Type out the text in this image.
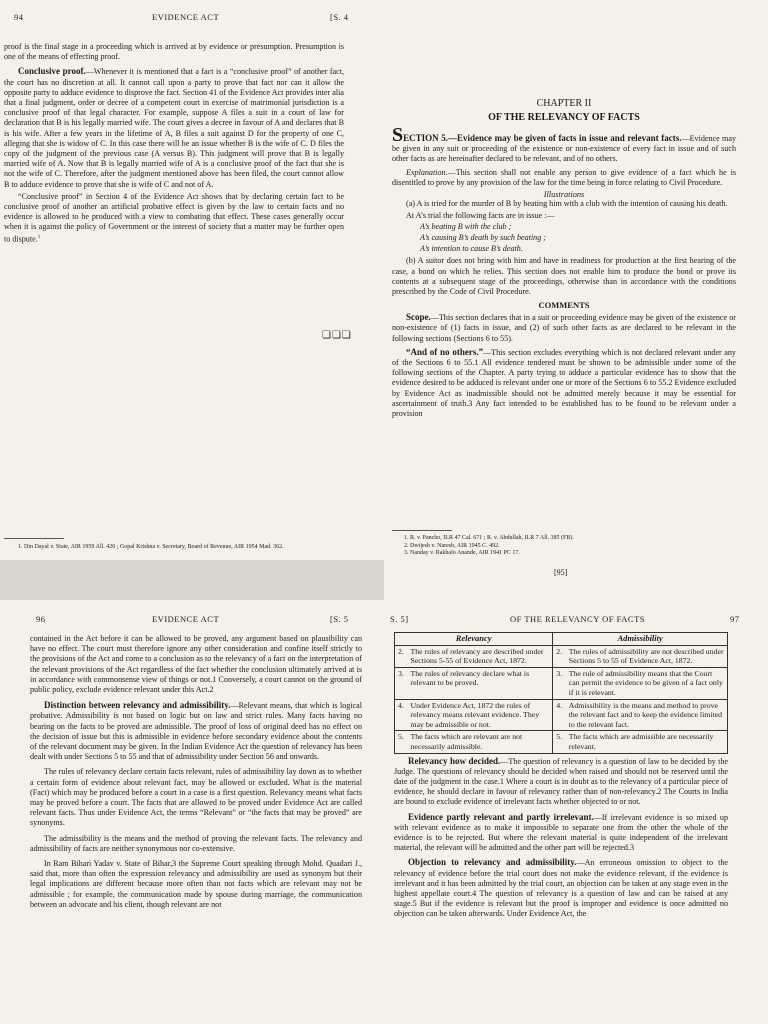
94	EVIDENCE ACT	[S. 4

proof is the final stage in a proceeding which is arrived at by evidence or presumption. Presumption is one of the means of effecting proof.

Conclusive proof.—Whenever it is mentioned that a fact is a “conclusive proof” of another fact, the court has no discretion at all. It cannot call upon a party to prove that fact nor can it allow the opposite party to adduce evidence to disprove the fact. Section 41 of the Evidence Act provides inter alia that a final judgment, order or decree of a competent court in exercise of matrimonial jurisdiction is a conclusive proof of that legal character. For example, suppose A files a suit in a court of law for declaration that B is his legally married wife. The court gives a decree in favour of A and declares that B is his wife. After a few years in the lifetime of A, B files a suit against D for the property of one C, alleging that she is widow of C. In this case there will be an issue whether B is the wife of C. D files the copy of the judgment of the previous case (A versus B). This judgment will prove that B is legally married wife of A. Now that B is legally married wife of A is a conclusive proof of the fact that she is not the wife of C. Therefore, after the judgment mentioned above has been filed, the court cannot allow B to adduce evidence to prove that she is wife of C and not of A.

“Conclusive proof” in Section 4 of the Evidence Act shows that by declaring certain fact to be conclusive proof of another an artificial probative effect is given by the law to certain facts and no evidence is allowed to be produced with a view to combating that effect. These cases generally occur when it is against the policy of Government or the interest of society that a matter may be further open to dispute.$^1$

❏❏❏

1. Din Dayal v. State, AIR 1959 All. 420 ; Gopal Krishna v. Secretary, Board of Revenue, AIR 1954 Mad. 362.

CHAPTER II
OF THE RELEVANCY OF FACTS

SECTION 5.—Evidence may be given of facts in issue and relevant facts.—Evidence may be given in any suit or proceeding of the existence or non-existence of every fact in issue and of such other facts as are hereinafter declared to be relevant, and of no others.

Explanation.—This section shall not enable any person to give evidence of a fact which he is disentitled to prove by any provision of the law for the time being in force relating to Civil Procedure.

Illustrations

(a) A is tried for the murder of B by beating him with a club with the intention of causing his death.

At A’s trial the following facts are in issue :—

A’s beating B with the club ;
A’s causing B’s death by such beating ;
A’s intention to cause B’s death.

(b) A suitor does not bring with him and have in readiness for production at the first hearing of the case, a bond on which he relies. This section does not enable him to produce the bond or prove its contents at a subsequent stage of the proceedings, otherwise than in accordance with the conditions prescribed by the Code of Civil Procedure.

COMMENTS

Scope.—This section declares that in a suit or proceeding evidence may be given of the existence or non-existence of (1) facts in issue, and (2) of such other facts as are declared to be relevant in the following sections (Sections 6 to 55).

“And of no others.”—This section excludes everything which is not declared relevant under any of the Sections 6 to 55.1 All evidence tendered must be shown to be admissible under some of the following sections of the Chapter. A party trying to adduce a particular evidence has to show that the evidence desired to be adduced is relevant under one or more of the Sections 6 to 55.2 Evidence excluded by Evidence Act as inadmissible should not be admitted merely because it may be essential for ascertainment of truth.3 Any fact intended to be established has to be found to be relevant under a provision

1. R. v. Pancho, ILR 47 Cal. 671 ; R. v. Abdullah, ILR 7 All. 385 (FB).

2. Dwijesh v. Naresh, AIR 1945 C. 492.

3. Nanday v. Rakhalo Anande, AIR 1941 PC 17.

[95]
96	EVIDENCE ACT	[S. 5

contained in the Act before it can be allowed to be proved, any argument based on plausibility can have no effect. The court must therefore ignore any other consideration and confine itself strictly to the provisions of the Act and come to a conclusion as to the relevancy of a fact on the interpretation of the relevant provisions of the Act regardless of the fact whether the conclusion ultimately arrived at is in accordance with commonsense view of things or not.1 Conversely, a court cannot on the ground of public policy, exclude evidence relevant under this Act.2

Distinction between relevancy and admissibility.—Relevant means, that which is logical probative. Admissibility is not based on logic but on law and strict rules. Many facts having no bearing on the facts to be proved are admissible. The proof of loss of original deed has no effect on the decision of issue but this is admissible in evidence before secondary evidence about the contents of the relevant document may be given. In the Indian Evidence Act the question of relevancy has been dealt with under Sections 5 to 55 and that of admissibility under Section 56 and onwards.

The rules of relevancy declare certain facts relevant, rules of admissibility lay down as to whether a certain form of evidence about relevant fact, may be allowed or excluded. What is the material (Fact) which may be produced before a court in a case is a first question. Relevancy means what facts may be proved before a court. The facts that are allowed to be proved under Evidence Act are called relevant facts. Thus under Evidence Act, the terms “Relevant” or “the facts that may be proved” are synonyms.

The admissibility is the means and the method of proving the relevant facts. The relevancy and admissibility of facts are neither synonymous nor co-extensive.

In Ram Bihari Yadav v. State of Bihar,3 the Supreme Court speaking through Mohd. Quadari J., said that, more than often the expression relevancy and admissibility are used as synonym but their legal implications are different because more often than not facts which are relevant may not be admissible ; for example, the communication made by spouse during marriage, the communication between an advocate and his client, though relevant are not

S. 5]	OF THE RELEVANCY OF FACTS	97
Relevancy		Admissibility	
2.	The rules of relevancy are described under Sections 5-55 of Evidence Act, 1872.	2.	The rules of admissibility are not described under Sections 5 to 55 of Evidence Act, 1872.
3.	The rules of relevancy declare what is relevant to be proved.	3.	The rule of admissibility means that the Court can permit the evidence to be given of a fact only if it is relevant.
4.	Under Evidence Act, 1872 the rules of relevancy means relevant evidence. They may be admissible or not.	4.	Admissibility is the means and method to prove the relevant fact and to keep the evidence limited to the relevant fact.
5.	The facts which are relevant are not necessarily admissible.	5.	The facts which are admissible are necessarily relevant.

Relevancy how decided.—The question of relevancy is a question of law to be decided by the Judge. The questions of relevancy should be decided when raised and should not be reserved until the date of the judgment in the case.1 Where a court is in doubt as to the relevancy of a particular piece of evidence, he should declare in favour of relevancy rather than of non-relevancy.2 The Courts in India are bound to exclude evidence of irrelevant facts whether objected to or not.

Evidence partly relevant and partly irrelevant.—If irrelevant evidence is so mixed up with relevant evidence as to make it impossible to separate one from the other the whole of the evidence is to be rejected. But where the relevant material is quite independent of the irrelevant material, the relevant will be admitted and the other part will be rejected.3

Objection to relevancy and admissibility.—An erroneous omission to object to the relevancy of evidence before the trial court does not make the evidence relevant, if the evidence is irrelevant and it has been admitted by the trial court, an objection can be taken at any stage even in the highest appellate court.4 The question of relevancy is a question of law and can be raised at any stage.5 But if the evidence is relevant but the proof is improper and evidence is once admitted no objection can be taken afterwards. Under Evidence Act, the
